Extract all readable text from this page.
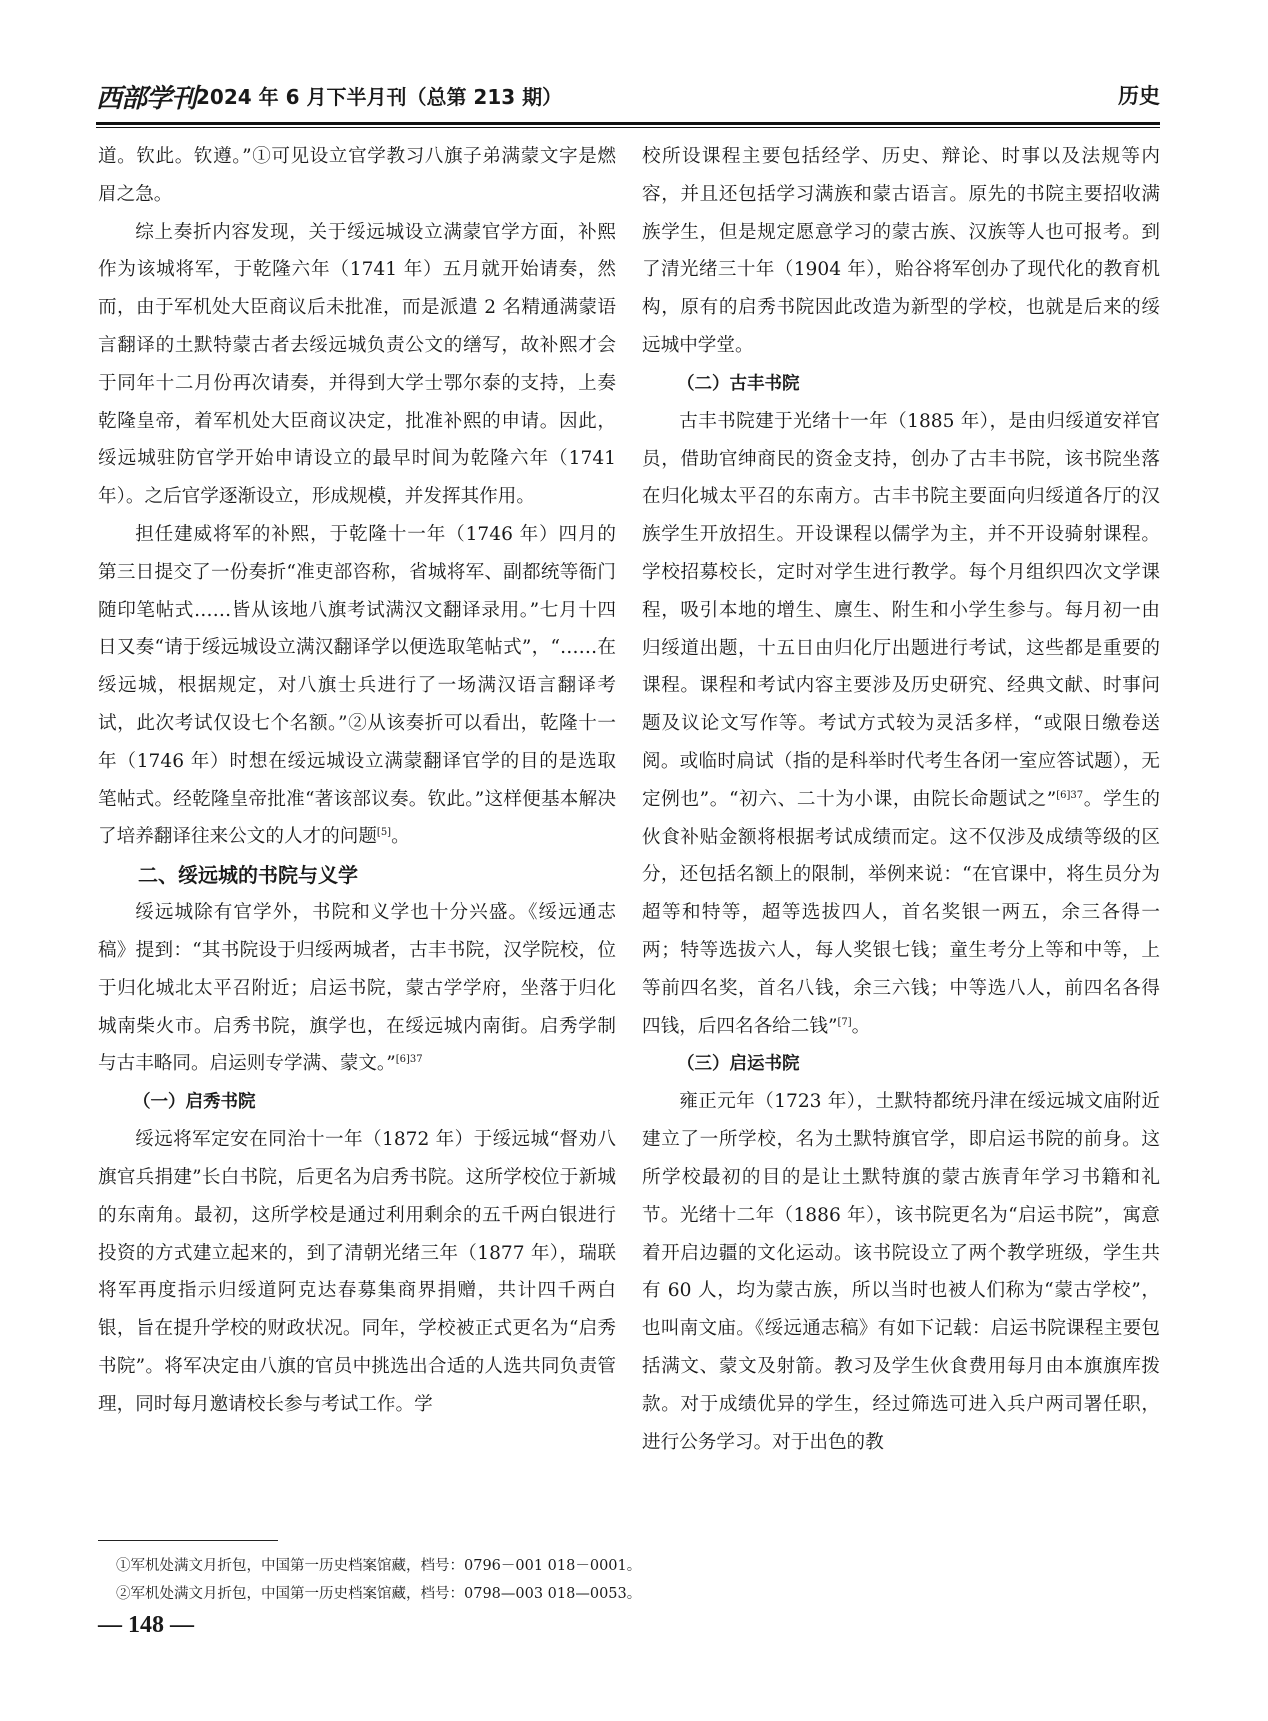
西部学刊 2024 年 6 月下半月刊（总第 213 期）	历史

道。钦此。钦遵。”①可见设立官学教习八旗子弟满蒙文字是燃眉之急。

综上奏折内容发现，关于绥远城设立满蒙官学方面，补熙作为该城将军，于乾隆六年（1741 年）五月就开始请奏，然而，由于军机处大臣商议后未批准，而是派遣 2 名精通满蒙语言翻译的土默特蒙古者去绥远城负责公文的缮写，故补熙才会于同年十二月份再次请奏，并得到大学士鄂尔泰的支持，上奏乾隆皇帝，着军机处大臣商议决定，批准补熙的申请。因此，绥远城驻防官学开始申请设立的最早时间为乾隆六年（1741 年）。之后官学逐渐设立，形成规模，并发挥其作用。

担任建威将军的补熙，于乾隆十一年（1746 年）四月的第三日提交了一份奏折“准吏部咨称，省城将军、副都统等衙门随印笔帖式……皆从该地八旗考试满汉文翻译录用。”七月十四日又奏“请于绥远城设立满汉翻译学以便选取笔帖式”，“……在绥远城，根据规定，对八旗士兵进行了一场满汉语言翻译考试，此次考试仅设七个名额。”②从该奏折可以看出，乾隆十一年（1746 年）时想在绥远城设立满蒙翻译官学的目的是选取笔帖式。经乾隆皇帝批准“著该部议奏。钦此。”这样便基本解决了培养翻译往来公文的人才的问题[5]。

二、绥远城的书院与义学

绥远城除有官学外，书院和义学也十分兴盛。《绥远通志稿》提到：“其书院设于归绥两城者，古丰书院，汉学院校，位于归化城北太平召附近；启运书院，蒙古学学府，坐落于归化城南柴火市。启秀书院，旗学也，在绥远城内南街。启秀学制与古丰略同。启运则专学满、蒙文。”$^{[6]37}$

（一）启秀书院

绥远将军定安在同治十一年（1872 年）于绥远城“督劝八旗官兵捐建”长白书院，后更名为启秀书院。这所学校位于新城的东南角。最初，这所学校是通过利用剩余的五千两白银进行投资的方式建立起来的，到了清朝光绪三年（1877 年），瑞联将军再度指示归绥道阿克达春募集商界捐赠，共计四千两白银，旨在提升学校的财政状况。同年，学校被正式更名为“启秀书院”。将军决定由八旗的官员中挑选出合适的人选共同负责管理，同时每月邀请校长参与考试工作。学

校所设课程主要包括经学、历史、辩论、时事以及法规等内容，并且还包括学习满族和蒙古语言。原先的书院主要招收满族学生，但是规定愿意学习的蒙古族、汉族等人也可报考。到了清光绪三十年（1904 年），贻谷将军创办了现代化的教育机构，原有的启秀书院因此改造为新型的学校，也就是后来的绥远城中学堂。

（二）古丰书院

古丰书院建于光绪十一年（1885 年），是由归绥道安祥官员，借助官绅商民的资金支持，创办了古丰书院，该书院坐落在归化城太平召的东南方。古丰书院主要面向归绥道各厅的汉族学生开放招生。开设课程以儒学为主，并不开设骑射课程。学校招募校长，定时对学生进行教学。每个月组织四次文学课程，吸引本地的增生、廪生、附生和小学生参与。每月初一由归绥道出题，十五日由归化厅出题进行考试，这些都是重要的课程。课程和考试内容主要涉及历史研究、经典文献、时事问题及议论文写作等。考试方式较为灵活多样，“或限日缴卷送阅。或临时扃试（指的是科举时代考生各闭一室应答试题），无定例也”。“初六、二十为小课，由院长命题试之”$^{[6]37}$。学生的伙食补贴金额将根据考试成绩而定。这不仅涉及成绩等级的区分，还包括名额上的限制，举例来说：“在官课中，将生员分为超等和特等，超等选拔四人，首名奖银一两五，余三各得一两；特等选拔六人，每人奖银七钱；童生考分上等和中等，上等前四名奖，首名八钱，余三六钱；中等选八人，前四名各得四钱，后四名各给二钱”[7]。

（三）启运书院

雍正元年（1723 年），土默特都统丹津在绥远城文庙附近建立了一所学校，名为土默特旗官学，即启运书院的前身。这所学校最初的目的是让土默特旗的蒙古族青年学习书籍和礼节。光绪十二年（1886 年），该书院更名为“启运书院”，寓意着开启边疆的文化运动。该书院设立了两个教学班级，学生共有 60 人，均为蒙古族，所以当时也被人们称为“蒙古学校”，也叫南文庙。《绥远通志稿》有如下记载：启运书院课程主要包括满文、蒙文及射箭。教习及学生伙食费用每月由本旗旗库拨款。对于成绩优异的学生，经过筛选可进入兵户两司署任职，进行公务学习。对于出色的教

①军机处满文月折包，中国第一历史档案馆藏，档号：0796－001 018－0001。
②军机处满文月折包，中国第一历史档案馆藏，档号：0798—003 018—0053。
— 148 —
